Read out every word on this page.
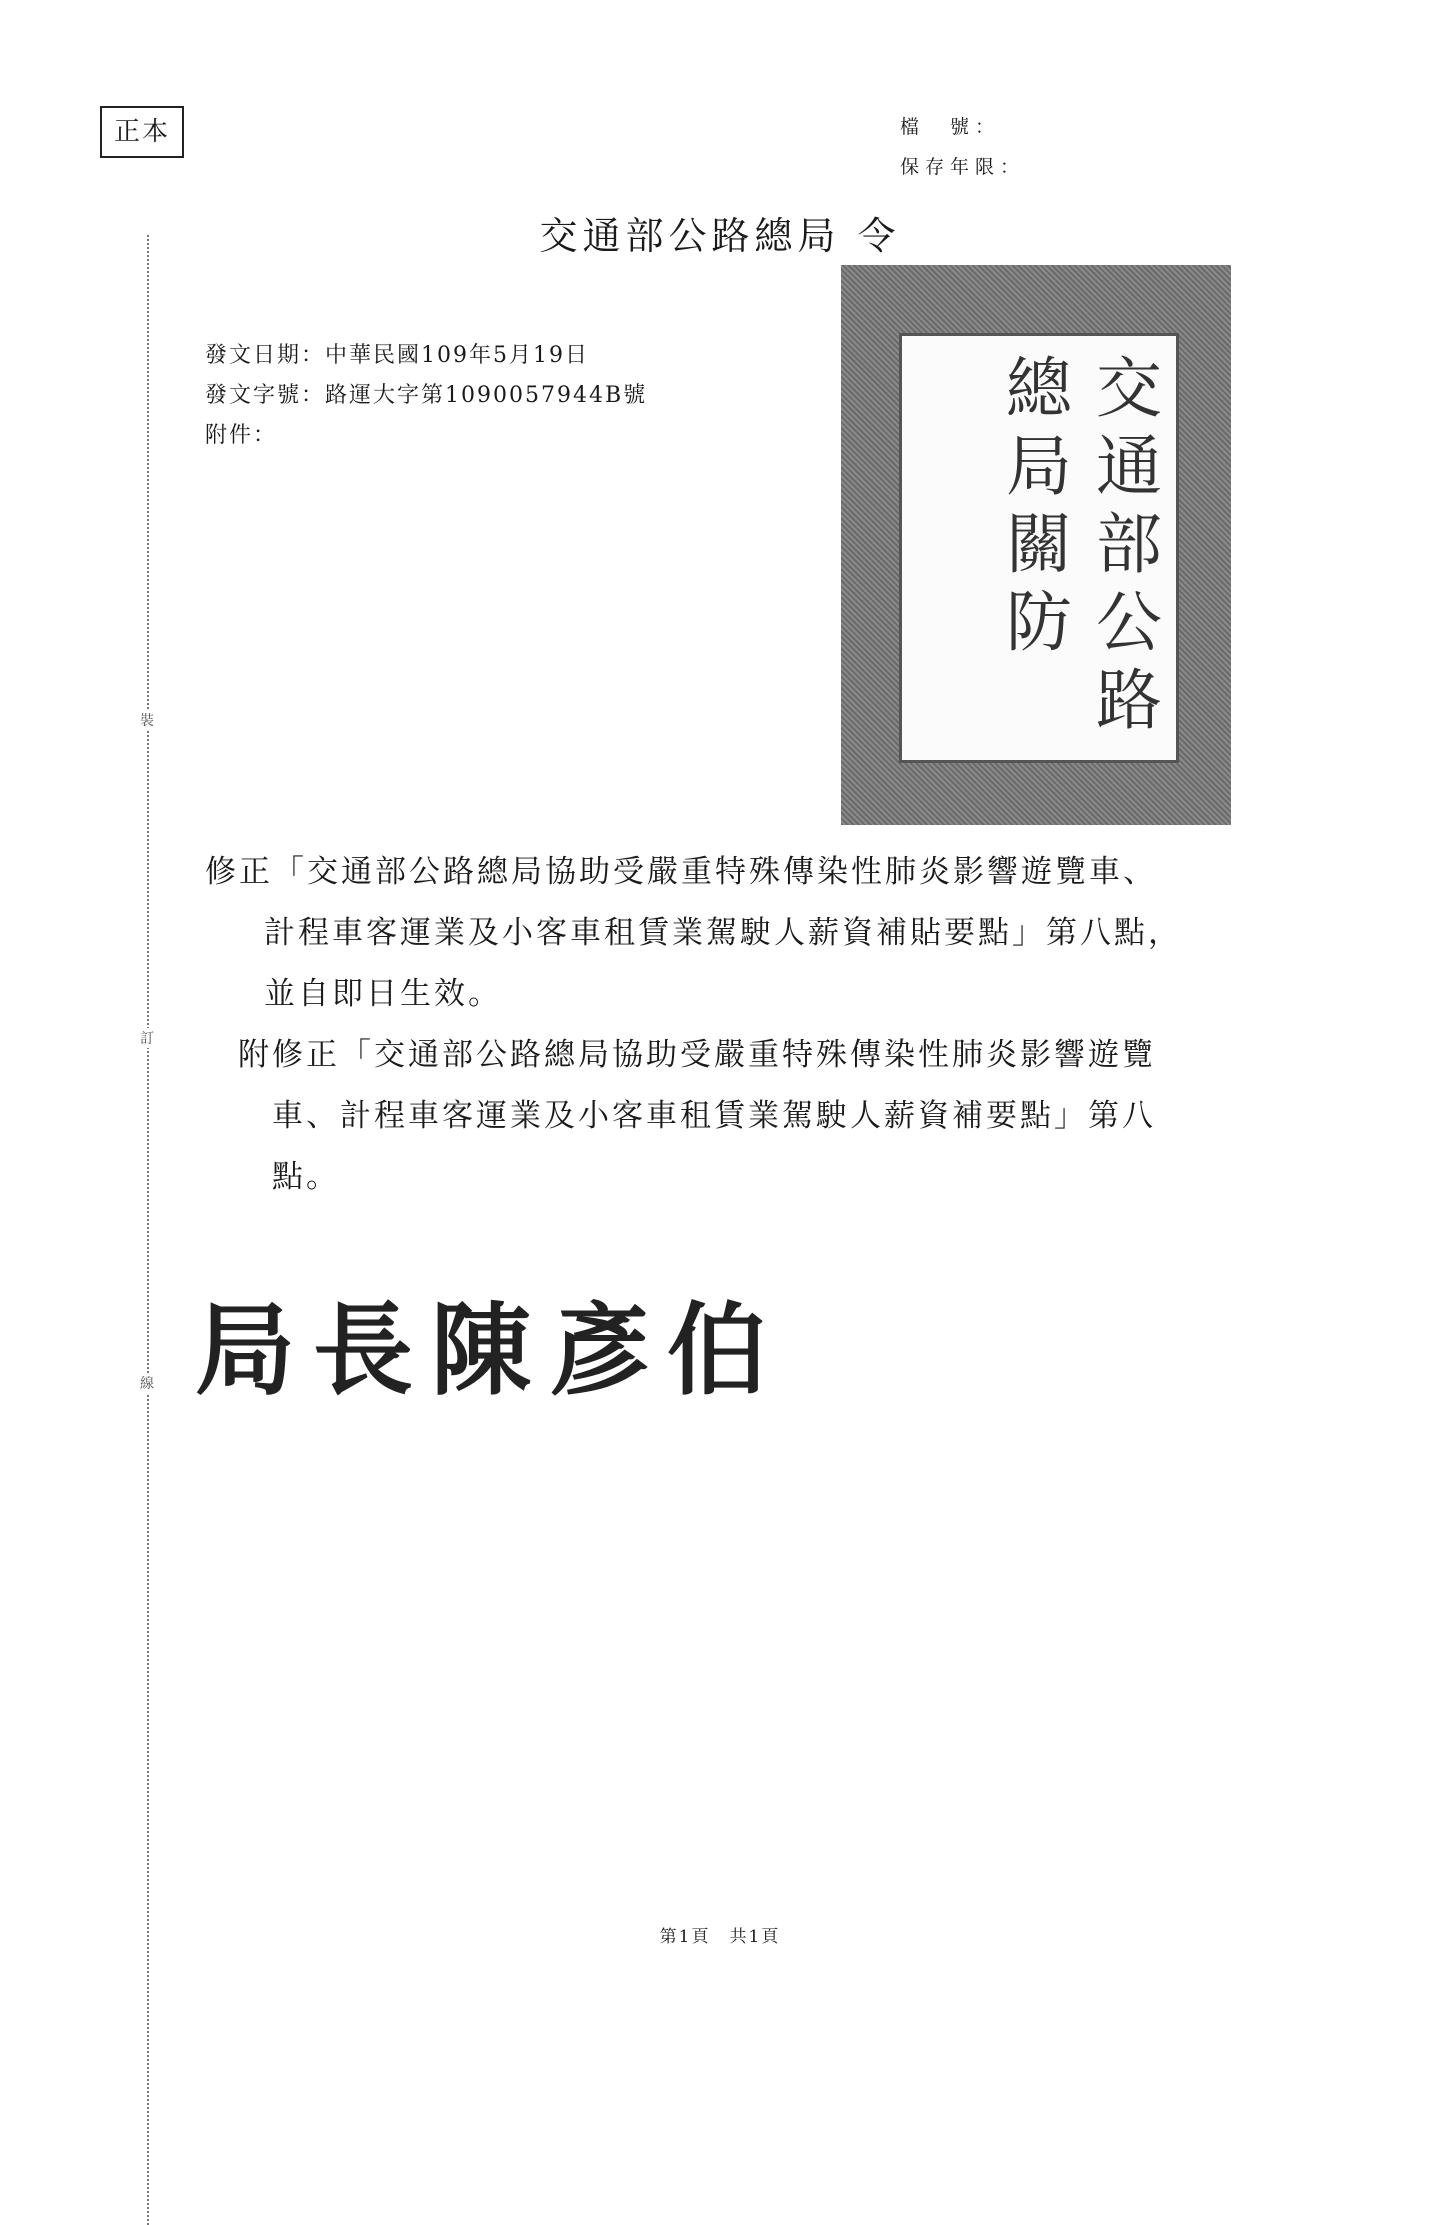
正本	檔　號：
保存年限：
交通部公路總局 令
裝
訂
線
發文日期：中華民國109年5月19日
發文字號：路運大字第1090057944B號
附件：
交
通
部
公
路
總
局
關
防
修正「交通部公路總局協助受嚴重特殊傳染性肺炎影響遊覽車、
計程車客運業及小客車租賃業駕駛人薪資補貼要點」第八點，
並自即日生效。
附修正「交通部公路總局協助受嚴重特殊傳染性肺炎影響遊覽
車、計程車客運業及小客車租賃業駕駛人薪資補要點」第八
點。
局長陳彥伯
第1頁　共1頁
